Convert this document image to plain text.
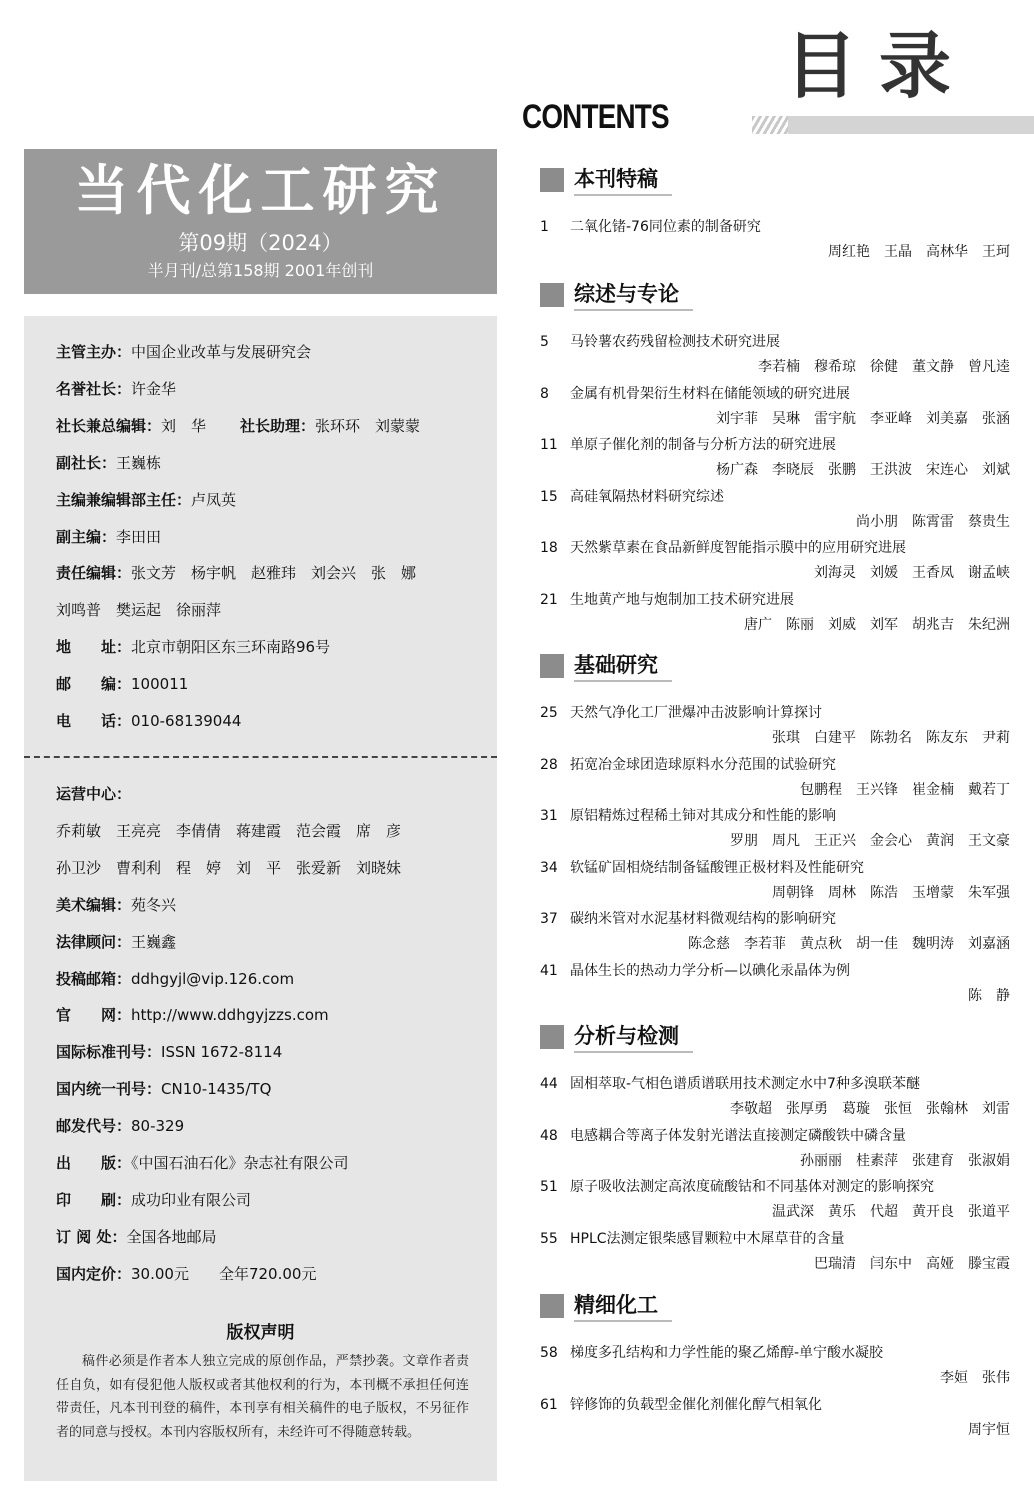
目录
CONTENTS
当代化工研究
第09期（2024）
半月刊/总第158期 2001年创刊
主管主办：中国企业改革与发展研究会
名誉社长：许金华
社长兼总编辑：刘　华 社长助理：张环环　刘蒙蒙
副社长：王巍栋
主编兼编辑部主任：卢凤英
副主编：李田田
责任编辑：张文芳　杨宇帆　赵雅玮　刘会兴　张　娜
刘鸣普　樊运起　徐丽萍
地　　址：北京市朝阳区东三环南路96号
邮　　编：100011
电　　话：010-68139044
运营中心：
乔莉敏　王亮亮　李倩倩　蒋建霞　范会霞　席　彦
孙卫沙　曹利利　程　婷　刘　平　张爱新　刘晓妹
美术编辑：苑冬兴
法律顾问：王巍鑫
投稿邮箱：ddhgyjl@vip.126.com
官　　网：http://www.ddhgyjzzs.com
国际标准刊号：ISSN 1672-8114
国内统一刊号：CN10-1435/TQ
邮发代号：80-329
出　　版：《中国石油石化》杂志社有限公司
印　　刷：成功印业有限公司
订 阅 处：全国各地邮局
国内定价：30.00元　　全年720.00元
版权声明
稿件必须是作者本人独立完成的原创作品，严禁抄袭。文章作者责任自负，如有侵犯他人版权或者其他权利的行为，本刊概不承担任何连带责任，凡本刊刊登的稿件，本刊享有相关稿件的电子版权，不另征作者的同意与授权。本刊内容版权所有，未经许可不得随意转载。
本刊特稿
1 二氧化锗-76同位素的制备研究
周红艳　王晶　高林华　王珂
综述与专论
5 马铃薯农药残留检测技术研究进展
李若楠　穆希琼　徐健　董文静　曾凡逵
8 金属有机骨架衍生材料在储能领域的研究进展
刘宇菲　吴琳　雷宇航　李亚峰　刘美嘉　张涵
11 单原子催化剂的制备与分析方法的研究进展
杨广森　李晓辰　张鹏　王洪波　宋连心　刘斌
15 高硅氧隔热材料研究综述
尚小朋　陈霄雷　蔡贵生
18 天然紫草素在食品新鲜度智能指示膜中的应用研究进展
刘海灵　刘媛　王香凤　谢孟峡
21 生地黄产地与炮制加工技术研究进展
唐广　陈丽　刘威　刘军　胡兆吉　朱纪洲
基础研究
25 天然气净化工厂泄爆冲击波影响计算探讨
张琪　白建平　陈勃名　陈友东　尹莉
28 拓宽冶金球团造球原料水分范围的试验研究
包鹏程　王兴锋　崔金楠　戴若丁
31 原铝精炼过程稀土铈对其成分和性能的影响
罗朋　周凡　王正兴　金会心　黄润　王文豪
34 软锰矿固相烧结制备锰酸锂正极材料及性能研究
周朝锋　周林　陈浩　玉增蒙　朱军强
37 碳纳米管对水泥基材料微观结构的影响研究
陈念慈　李若菲　黄点秋　胡一佳　魏明涛　刘嘉涵
41 晶体生长的热动力学分析—以碘化汞晶体为例
陈　静
分析与检测
44 固相萃取-气相色谱质谱联用技术测定水中7种多溴联苯醚
李敬超　张厚勇　葛璇　张恒　张翰林　刘雷
48 电感耦合等离子体发射光谱法直接测定磷酸铁中磷含量
孙丽丽　桂素萍　张建育　张淑娟
51 原子吸收法测定高浓度硫酸钴和不同基体对测定的影响探究
温武深　黄乐　代超　黄开良　张道平
55 HPLC法测定银柴感冒颗粒中木犀草苷的含量
巴瑞清　闫东中　高娅　滕宝霞
精细化工
58 梯度多孔结构和力学性能的聚乙烯醇-单宁酸水凝胶
李姮　张伟
61 锌修饰的负载型金催化剂催化醇气相氧化
周宇恒
